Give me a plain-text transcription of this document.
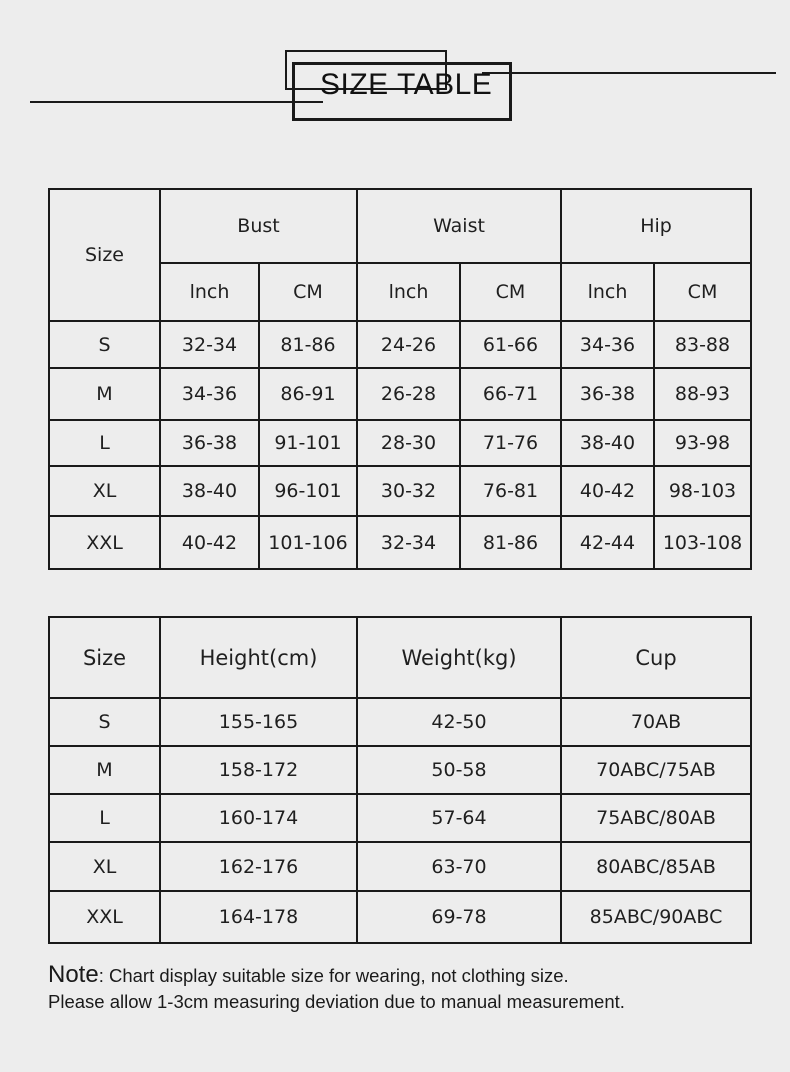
SIZE TABLE
Size	Bust		Waist		Hip	
	lnch	CM	lnch	CM	lnch	CM
S	32-34	81-86	24-26	61-66	34-36	83-88
M	34-36	86-91	26-28	66-71	36-38	88-93
L	36-38	91-101	28-30	71-76	38-40	93-98
XL	38-40	96-101	30-32	76-81	40-42	98-103
XXL	40-42	101-106	32-34	81-86	42-44	103-108
Size	Height(cm)	Weight(kg)	Cup
S	155-165	42-50	70AB
M	158-172	50-58	70ABC/75AB
L	160-174	57-64	75ABC/80AB
XL	162-176	63-70	80ABC/85AB
XXL	164-178	69-78	85ABC/90ABC
Note: Chart display suitable size for wearing, not clothing size.
Please allow 1-3cm measuring deviation due to manual measurement.
